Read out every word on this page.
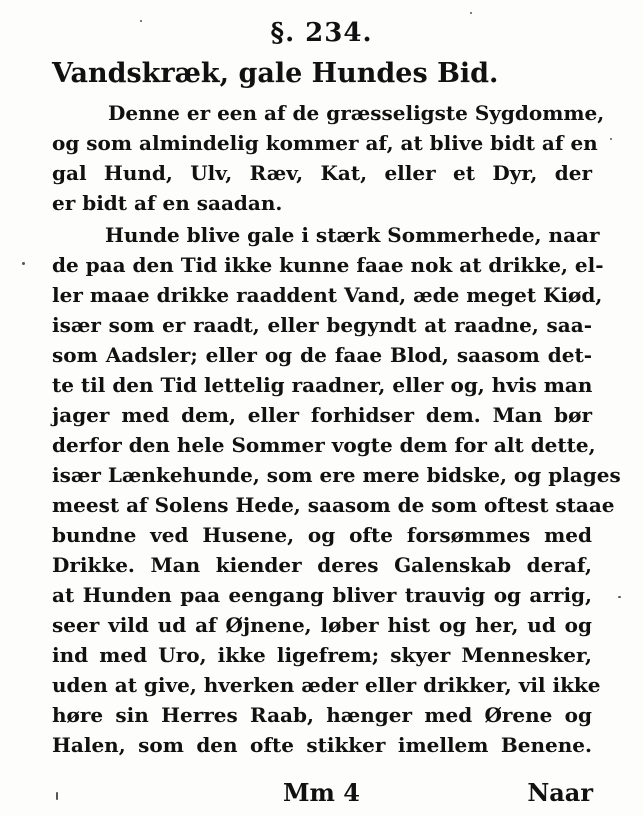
§. 234.
Vandskræk, gale Hundes Bid.
Denne er een af de græsseligste Sygdomme,
og som almindelig kommer af, at blive bidt af en
gal Hund, Ulv, Ræv, Kat, eller et Dyr, der
er bidt af en saadan.
Hunde blive gale i stærk Sommerhede, naar
de paa den Tid ikke kunne faae nok at drikke, el-
ler maae drikke raaddent Vand, æde meget Kiød,
især som er raadt, eller begyndt at raadne, saa-
som Aadsler; eller og de faae Blod, saasom det-
te til den Tid lettelig raadner, eller og, hvis man
jager med dem, eller forhidser dem. Man bør
derfor den hele Sommer vogte dem for alt dette,
især Lænkehunde, som ere mere bidske, og plages
meest af Solens Hede, saasom de som oftest staae
bundne ved Husene, og ofte forsømmes med
Drikke. Man kiender deres Galenskab deraf,
at Hunden paa eengang bliver trauvig og arrig,
seer vild ud af Øjnene, løber hist og her, ud og
ind med Uro, ikke ligefrem; skyer Mennesker,
uden at give, hverken æder eller drikker, vil ikke
høre sin Herres Raab, hænger med Ørene og
Halen, som den ofte stikker imellem Benene.
Mm 4	Naar
